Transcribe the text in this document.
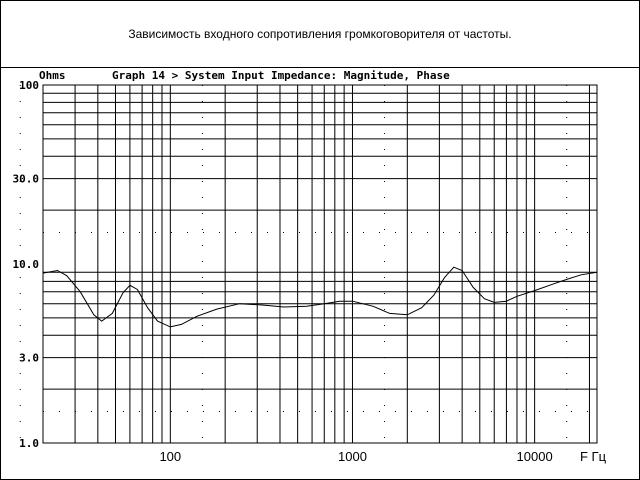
Зависимость входного сопротивления громкоговорителя от частоты.
Ohms	Graph 14 > System Input Impedance: Magnitude, Phase
100
30.0
10.0
3.0
1.0
100	1000	10000 F Гц
